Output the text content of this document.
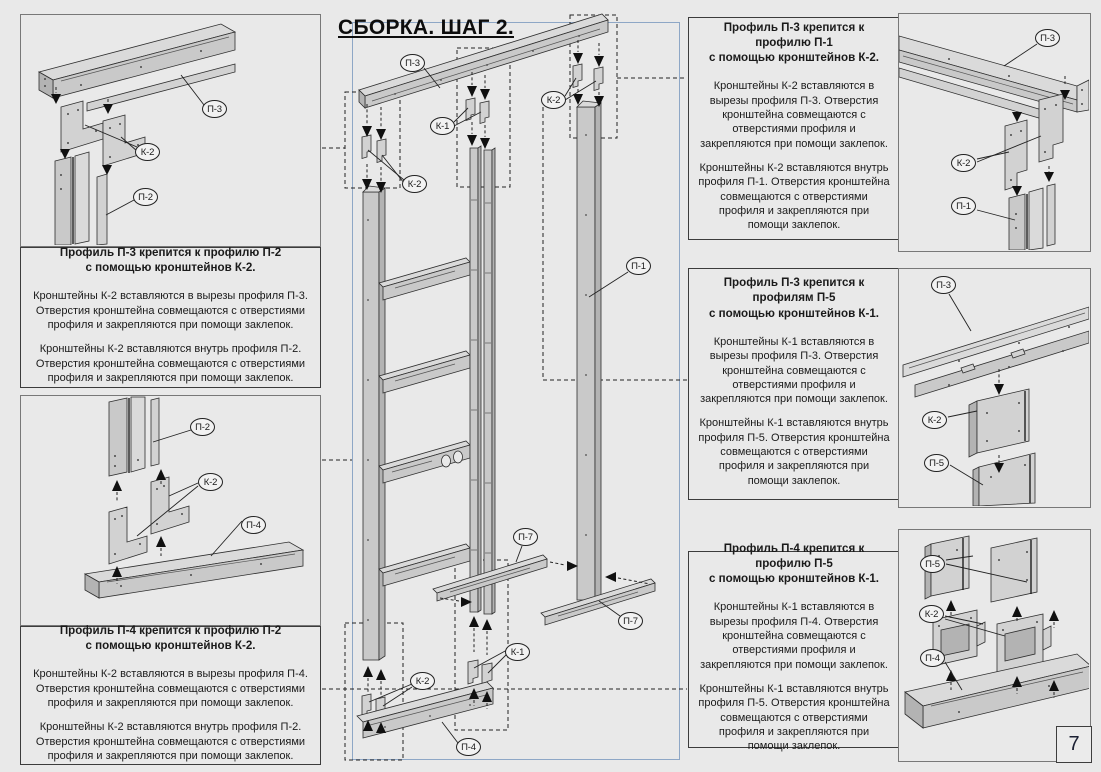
СБОРКА. ШАГ 2.
П-3
К-1
К-2
К-2
П-1
П-7
П-7
К-1
К-2
П-4
П-3
К-2
П-2
Профиль П-3 крепится к профилю П-2
с помощью кронштейнов К-2.

Кронштейны К-2 вставляются в вырезы профиля П-3. Отверстия кронштейна совмещаются с отверстиями профиля и закрепляются при помощи заклепок.

Кронштейны К-2 вставляются внутрь профиля П-2. Отверстия кронштейна совмещаются с отверстиями профиля и закрепляются при помощи заклепок.

П-2
К-2
П-4
Профиль П-4 крепится к профилю П-2
с помощью кронштейнов К-2.

Кронштейны К-2 вставляются в вырезы профиля П-4. Отверстия кронштейна совмещаются с отверстиями профиля и закрепляются при помощи заклепок.

Кронштейны К-2 вставляются внутрь профиля П-2. Отверстия кронштейна совмещаются с отверстиями профиля и закрепляются при помощи заклепок.

Профиль П-3 крепится к профилю П-1
с помощью кронштейнов К-2.

Кронштейны К-2 вставляются в вырезы профиля П-3. Отверстия кронштейна совмещаются с отверстиями профиля и закрепляются при помощи заклепок.

Кронштейны К-2 вставляются внутрь профиля П-1. Отверстия кронштейна совмещаются с отверстиями профиля и закрепляются при помощи заклепок.

П-3
К-2
П-1
Профиль П-3 крепится к профилям П-5
с помощью кронштейнов К-1.

Кронштейны К-1 вставляются в вырезы профиля П-3. Отверстия кронштейна совмещаются с отверстиями профиля и закрепляются при помощи заклепок.

Кронштейны К-1 вставляются внутрь профиля П-5. Отверстия кронштейна совмещаются с отверстиями профиля и закрепляются при помощи заклепок.

П-3
К-2
П-5
Профиль П-4 крепится к профилю П-5
с помощью кронштейнов К-1.

Кронштейны К-1 вставляются в вырезы профиля П-4. Отверстия кронштейна совмещаются с отверстиями профиля и закрепляются при помощи заклепок.

Кронштейны К-1 вставляются внутрь профиля П-5. Отверстия кронштейна совмещаются с отверстиями профиля и закрепляются при помощи заклепок.

П-5
К-2
П-4
7
